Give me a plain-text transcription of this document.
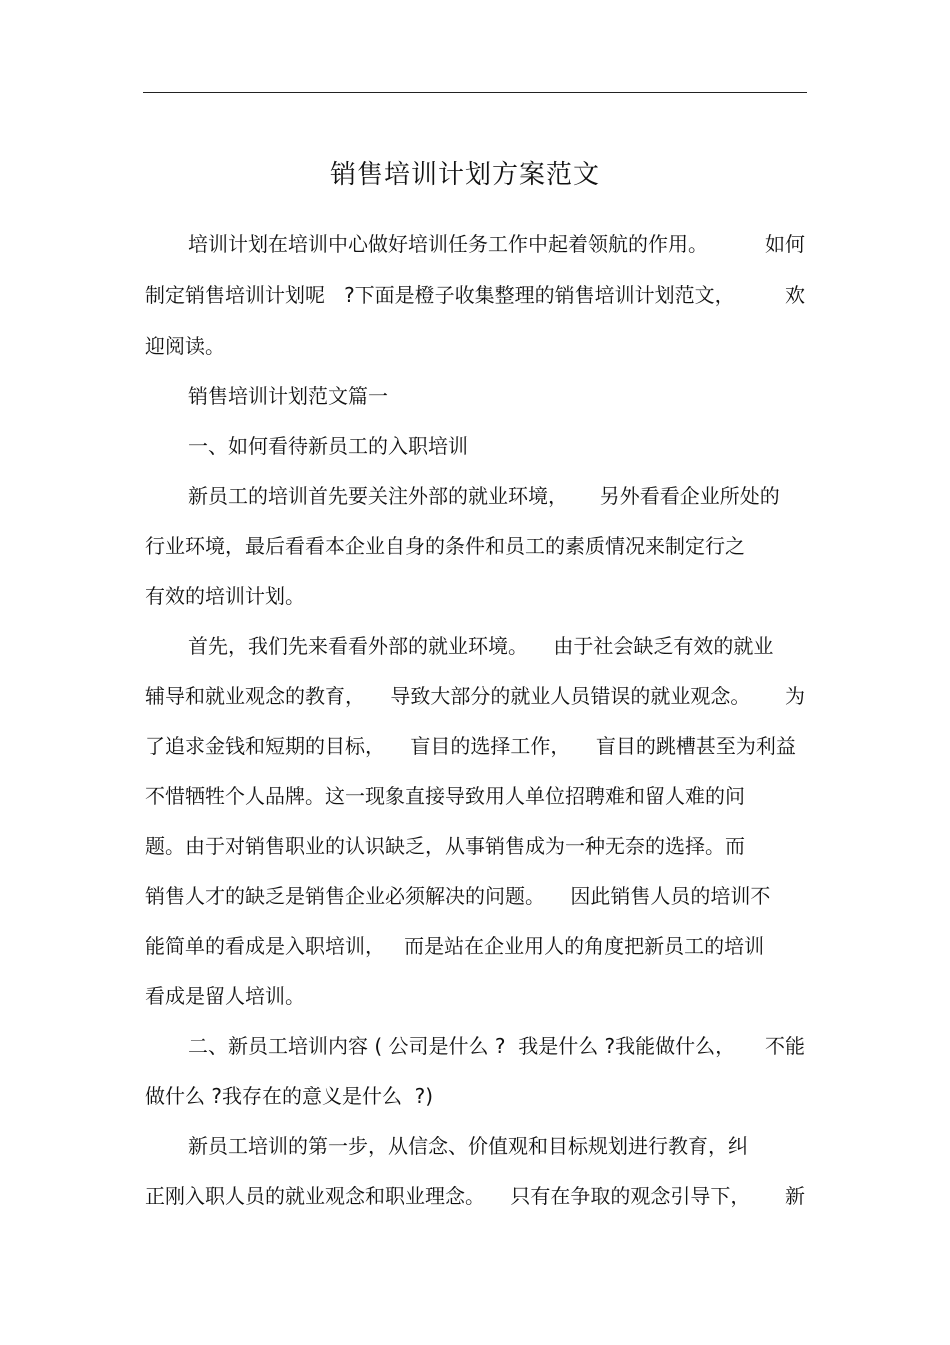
销售培训计划方案范文
培训计划在培训中心做好培训任务工作中起着领航的作用。	如何
制定销售培训计划呢   ?下面是橙子收集整理的销售培训计划范文，	欢
迎阅读。
销售培训计划范文篇一
一、如何看待新员工的入职培训
新员工的培训首先要关注外部的就业环境，     另外看看企业所处的
行业环境，最后看看本企业自身的条件和员工的素质情况来制定行之
有效的培训计划。
首先，我们先来看看外部的就业环境。    由于社会缺乏有效的就业
辅导和就业观念的教育，    导致大部分的就业人员错误的就业观念。 为
了追求金钱和短期的目标，    盲目的选择工作，    盲目的跳槽甚至为利益
不惜牺牲个人品牌。这一现象直接导致用人单位招聘难和留人难的问
题。由于对销售职业的认识缺乏，从事销售成为一种无奈的选择。而
销售人才的缺乏是销售企业必须解决的问题。    因此销售人员的培训不
能简单的看成是入职培训，   而是站在企业用人的角度把新员工的培训
看成是留人培训。
二、新员工培训内容 ( 公司是什么 ?  我是什么 ?我能做什么， 不能
做什么 ?我存在的意义是什么  ?)
新员工培训的第一步，从信念、价值观和目标规划进行教育，纠
正刚入职人员的就业观念和职业理念。    只有在争取的观念引导下， 新
